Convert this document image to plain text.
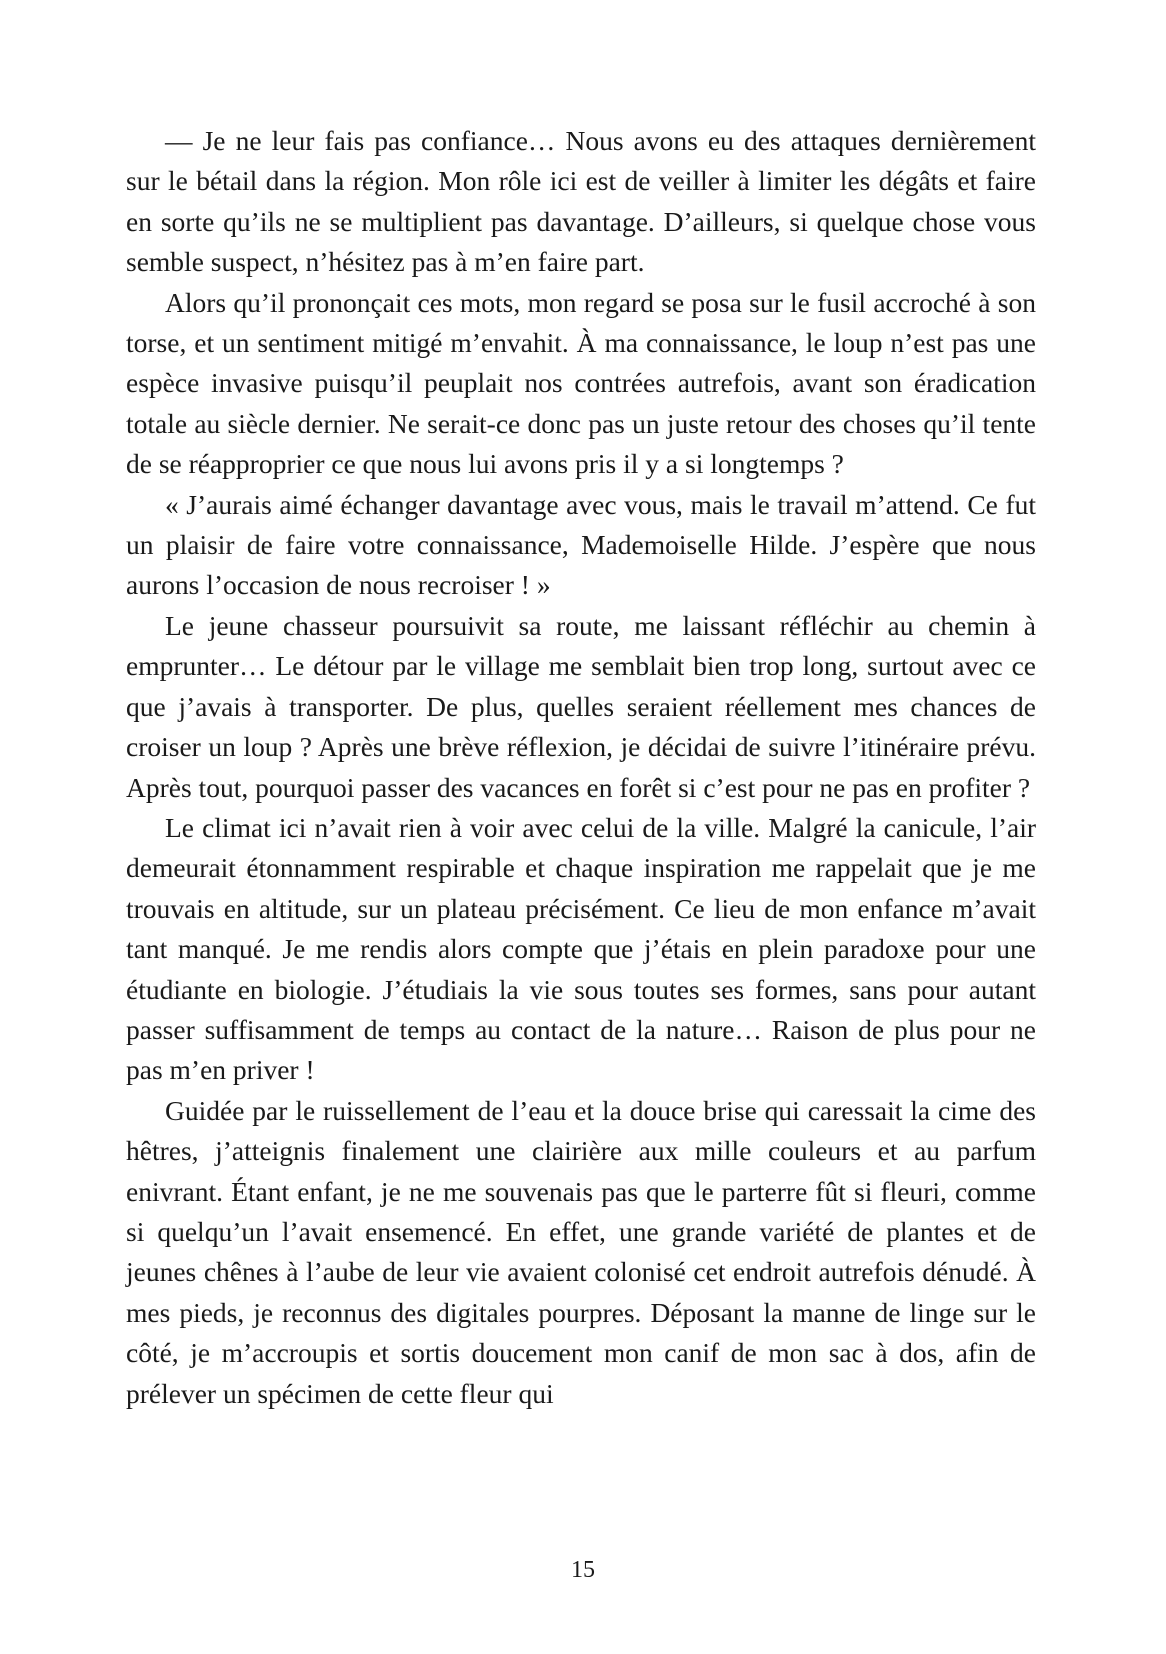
— Je ne leur fais pas confiance… Nous avons eu des attaques dernièrement sur le bétail dans la région. Mon rôle ici est de veiller à limiter les dégâts et faire en sorte qu’ils ne se multiplient pas davantage. D’ailleurs, si quelque chose vous semble suspect, n’hésitez pas à m’en faire part.

Alors qu’il prononçait ces mots, mon regard se posa sur le fusil accroché à son torse, et un sentiment mitigé m’envahit. À ma connaissance, le loup n’est pas une espèce invasive puisqu’il peuplait nos contrées autrefois, avant son éradication totale au siècle dernier. Ne serait-ce donc pas un juste retour des choses qu’il tente de se réapproprier ce que nous lui avons pris il y a si longtemps ?

« J’aurais aimé échanger davantage avec vous, mais le travail m’attend. Ce fut un plaisir de faire votre connaissance, Mademoiselle Hilde. J’espère que nous aurons l’occasion de nous recroiser ! »

Le jeune chasseur poursuivit sa route, me laissant réfléchir au chemin à emprunter… Le détour par le village me semblait bien trop long, surtout avec ce que j’avais à transporter. De plus, quelles seraient réellement mes chances de croiser un loup ? Après une brève réflexion, je décidai de suivre l’itinéraire prévu. Après tout, pourquoi passer des vacances en forêt si c’est pour ne pas en profiter ?

Le climat ici n’avait rien à voir avec celui de la ville. Malgré la canicule, l’air demeurait étonnamment respirable et chaque inspiration me rappelait que je me trouvais en altitude, sur un plateau précisément. Ce lieu de mon enfance m’avait tant manqué. Je me rendis alors compte que j’étais en plein paradoxe pour une étudiante en biologie. J’étudiais la vie sous toutes ses formes, sans pour autant passer suffisamment de temps au contact de la nature… Raison de plus pour ne pas m’en priver !

Guidée par le ruissellement de l’eau et la douce brise qui caressait la cime des hêtres, j’atteignis finalement une clairière aux mille couleurs et au parfum enivrant. Étant enfant, je ne me souvenais pas que le parterre fût si fleuri, comme si quelqu’un l’avait ensemencé. En effet, une grande variété de plantes et de jeunes chênes à l’aube de leur vie avaient colonisé cet endroit autrefois dénudé. À mes pieds, je reconnus des digitales pourpres. Déposant la manne de linge sur le côté, je m’accroupis et sortis doucement mon canif de mon sac à dos, afin de prélever un spécimen de cette fleur qui

15
